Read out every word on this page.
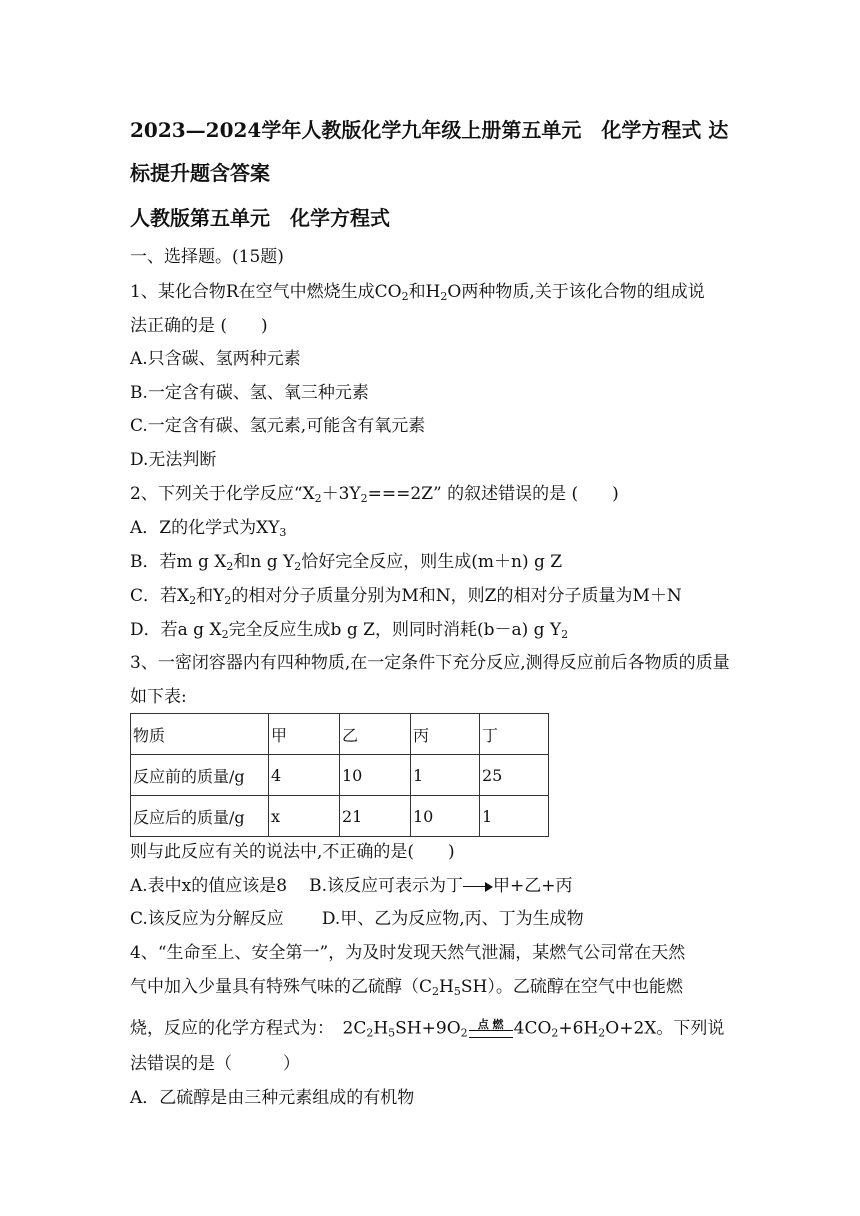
2023—2024学年人教版化学九年级上册第五单元　化学方程式 达
标提升题含答案
人教版第五单元　化学方程式
一、选择题。(15题)
1、某化合物R在空气中燃烧生成$CO_2$和$H_2O$两种物质,关于该化合物的组成说
法正确的是 (　　)
A.只含碳、氢两种元素
B.一定含有碳、氢、氧三种元素
C.一定含有碳、氢元素,可能含有氧元素
D.无法判断
2、下列关于化学反应“$X_2+3Y_2===2Z$” 的叙述错误的是 (　　)
A．Z的化学式为$XY_3$
B．若m g $X_2$和n g $Y_2$恰好完全反应，则生成(m＋n) g Z
C．若$X_2$和$Y_2$的相对分子质量分别为M和N，则Z的相对分子质量为M＋N
D．若a g $X_2$完全反应生成b g Z，则同时消耗(b－a) g $Y_2$
3、一密闭容器内有四种物质,在一定条件下充分反应,测得反应前后各物质的质量
如下表:
物质	甲	乙	丙	丁
反应前的质量/g	4	10	1	25
反应后的质量/g	x	21	10	1
则与此反应有关的说法中,不正确的是(　　)
A.表中x的值应该是8 B.该反应可表示为丁 甲+乙+丙
C.该反应为分解反应 D.甲、乙为反应物,丙、丁为生成物
4、“生命至上、安全第一”，为及时发现天然气泄漏，某燃气公司常在天然
气中加入少量具有特殊气味的乙硫醇$(C_2H_5SH)$。乙硫醇在空气中也能燃
烧，反应的化学方程式为：　$2C_2H_5SH+9O_2$
点 燃 $4CO_2+6H_2O+2X$。下列说
法错误的是（　　　）
A．乙硫醇是由三种元素组成的有机物
